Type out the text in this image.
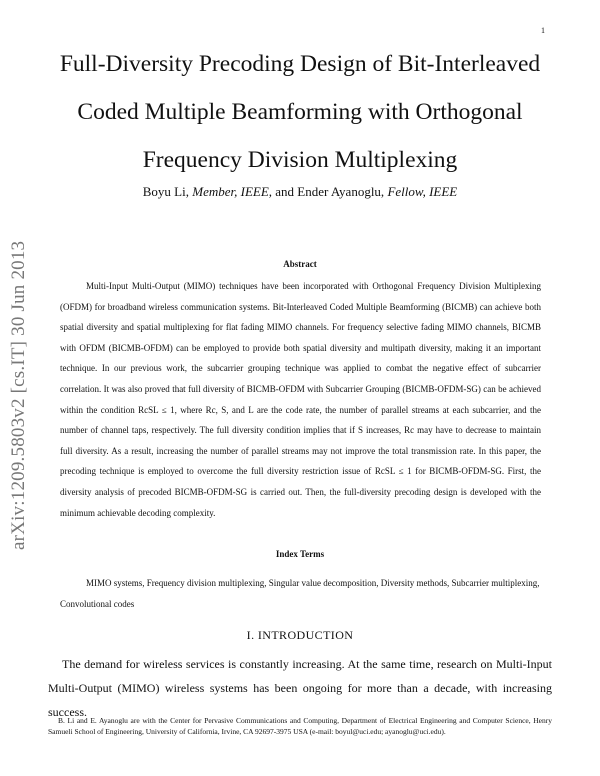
1
arXiv:1209.5803v2 [cs.IT] 30 Jun 2013
Full-Diversity Precoding Design of Bit-Interleaved
Coded Multiple Beamforming with Orthogonal
Frequency Division Multiplexing
Boyu Li, Member, IEEE, and Ender Ayanoglu, Fellow, IEEE
Abstract

Multi-Input Multi-Output (MIMO) techniques have been incorporated with Orthogonal Frequency Division Multiplexing (OFDM) for broadband wireless communication systems. Bit-Interleaved Coded Multiple Beamforming (BICMB) can achieve both spatial diversity and spatial multiplexing for flat fading MIMO channels. For frequency selective fading MIMO channels, BICMB with OFDM (BICMB-OFDM) can be employed to provide both spatial diversity and multipath diversity, making it an important technique. In our previous work, the subcarrier grouping technique was applied to combat the negative effect of subcarrier correlation. It was also proved that full diversity of BICMB-OFDM with Subcarrier Grouping (BICMB-OFDM-SG) can be achieved within the condition RcSL ≤ 1, where Rc, S, and L are the code rate, the number of parallel streams at each subcarrier, and the number of channel taps, respectively. The full diversity condition implies that if S increases, Rc may have to decrease to maintain full diversity. As a result, increasing the number of parallel streams may not improve the total transmission rate. In this paper, the precoding technique is employed to overcome the full diversity restriction issue of RcSL ≤ 1 for BICMB-OFDM-SG. First, the diversity analysis of precoded BICMB-OFDM-SG is carried out. Then, the full-diversity precoding design is developed with the minimum achievable decoding complexity.

Index Terms

MIMO systems, Frequency division multiplexing, Singular value decomposition, Diversity methods, Subcarrier multiplexing, Convolutional codes

I. INTRODUCTION

The demand for wireless services is constantly increasing. At the same time, research on Multi-Input Multi-Output (MIMO) wireless systems has been ongoing for more than a decade, with increasing success.

B. Li and E. Ayanoglu are with the Center for Pervasive Communications and Computing, Department of Electrical Engineering and Computer Science, Henry Samueli School of Engineering, University of California, Irvine, CA 92697-3975 USA (e-mail: boyul@uci.edu; ayanoglu@uci.edu).
